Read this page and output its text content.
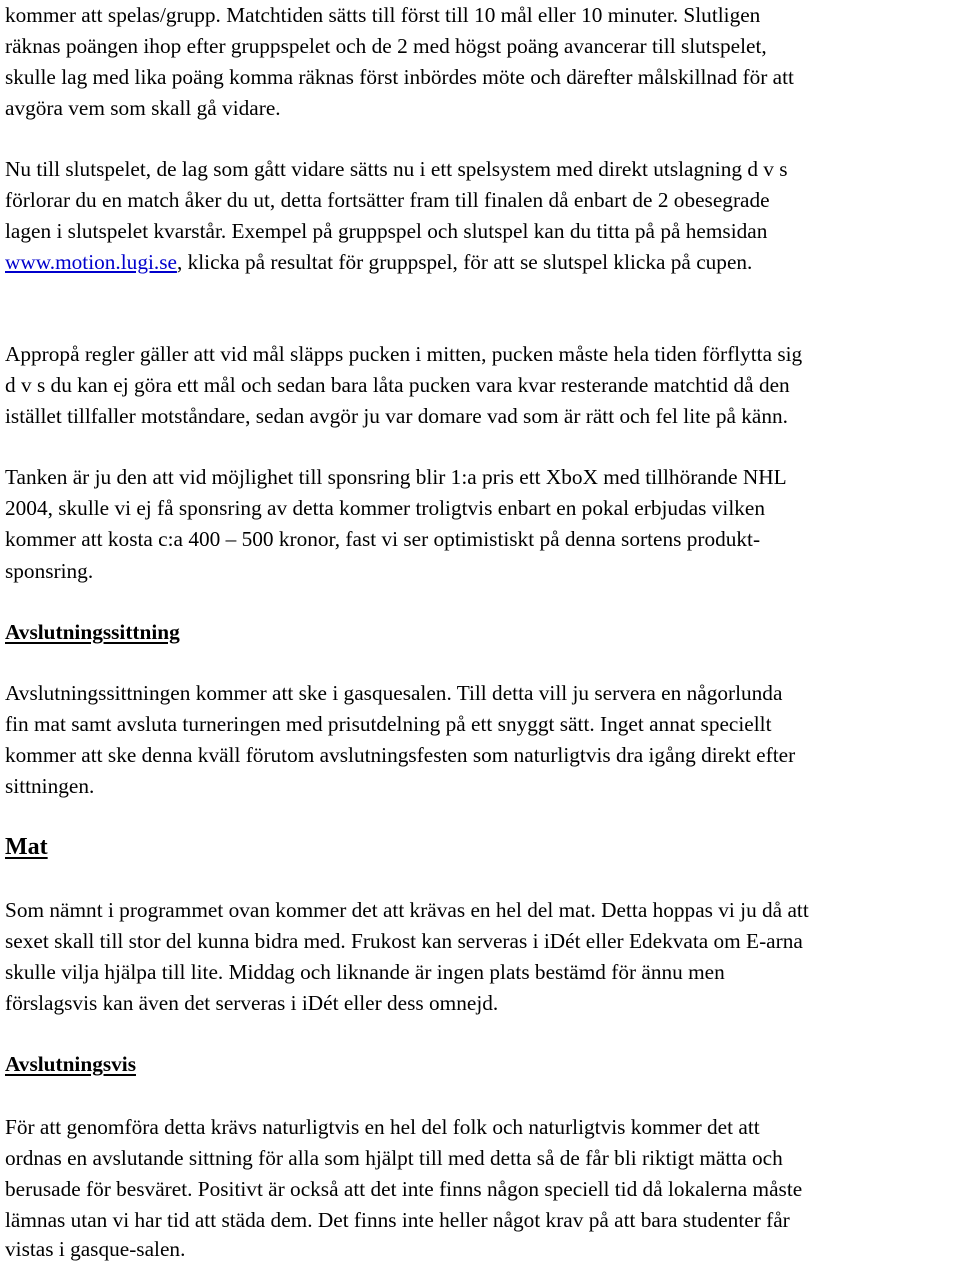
kommer att spelas/grupp. Matchtiden sätts till först till 10 mål eller 10 minuter. Slutligen
räknas poängen ihop efter gruppspelet och de 2 med högst poäng avancerar till slutspelet,
skulle lag med lika poäng komma räknas först inbördes möte och därefter målskillnad för att
avgöra vem som skall gå vidare.
Nu till slutspelet, de lag som gått vidare sätts nu i ett spelsystem med direkt utslagning d v s
förlorar du en match åker du ut, detta fortsätter fram till finalen då enbart de 2 obesegrade
lagen i slutspelet kvarstår. Exempel på gruppspel och slutspel kan du titta på på hemsidan
www.motion.lugi.se, klicka på resultat för gruppspel, för att se slutspel klicka på cupen.
Appropå regler gäller att vid mål släpps pucken i mitten, pucken måste hela tiden förflytta sig
d v s du kan ej göra ett mål och sedan bara låta pucken vara kvar resterande matchtid då den
istället tillfaller motståndare, sedan avgör ju var domare vad som är rätt och fel lite på känn.
Tanken är ju den att vid möjlighet till sponsring blir 1:a pris ett XboX med tillhörande NHL
2004, skulle vi ej få sponsring av detta kommer troligtvis enbart en pokal erbjudas vilken
kommer att kosta c:a 400 – 500 kronor, fast vi ser optimistiskt på denna sortens produkt-
sponsring.
Avslutningssittning
Avslutningssittningen kommer att ske i gasquesalen. Till detta vill ju servera en någorlunda
fin mat samt avsluta turneringen med prisutdelning på ett snyggt sätt. Inget annat speciellt
kommer att ske denna kväll förutom avslutningsfesten som naturligtvis dra igång direkt efter
sittningen.
Mat
Som nämnt i programmet ovan kommer det att krävas en hel del mat. Detta hoppas vi ju då att
sexet skall till stor del kunna bidra med. Frukost kan serveras i iDét eller Edekvata om E-arna
skulle vilja hjälpa till lite. Middag och liknande är ingen plats bestämd för ännu men
förslagsvis kan även det serveras i iDét eller dess omnejd.
Avslutningsvis
För att genomföra detta krävs naturligtvis en hel del folk och naturligtvis kommer det att
ordnas en avslutande sittning för alla som hjälpt till med detta så de får bli riktigt mätta och
berusade för besväret. Positivt är också att det inte finns någon speciell tid då lokalerna måste
lämnas utan vi har tid att städa dem. Det finns inte heller något krav på att bara studenter får
vistas i gasque-salen.
